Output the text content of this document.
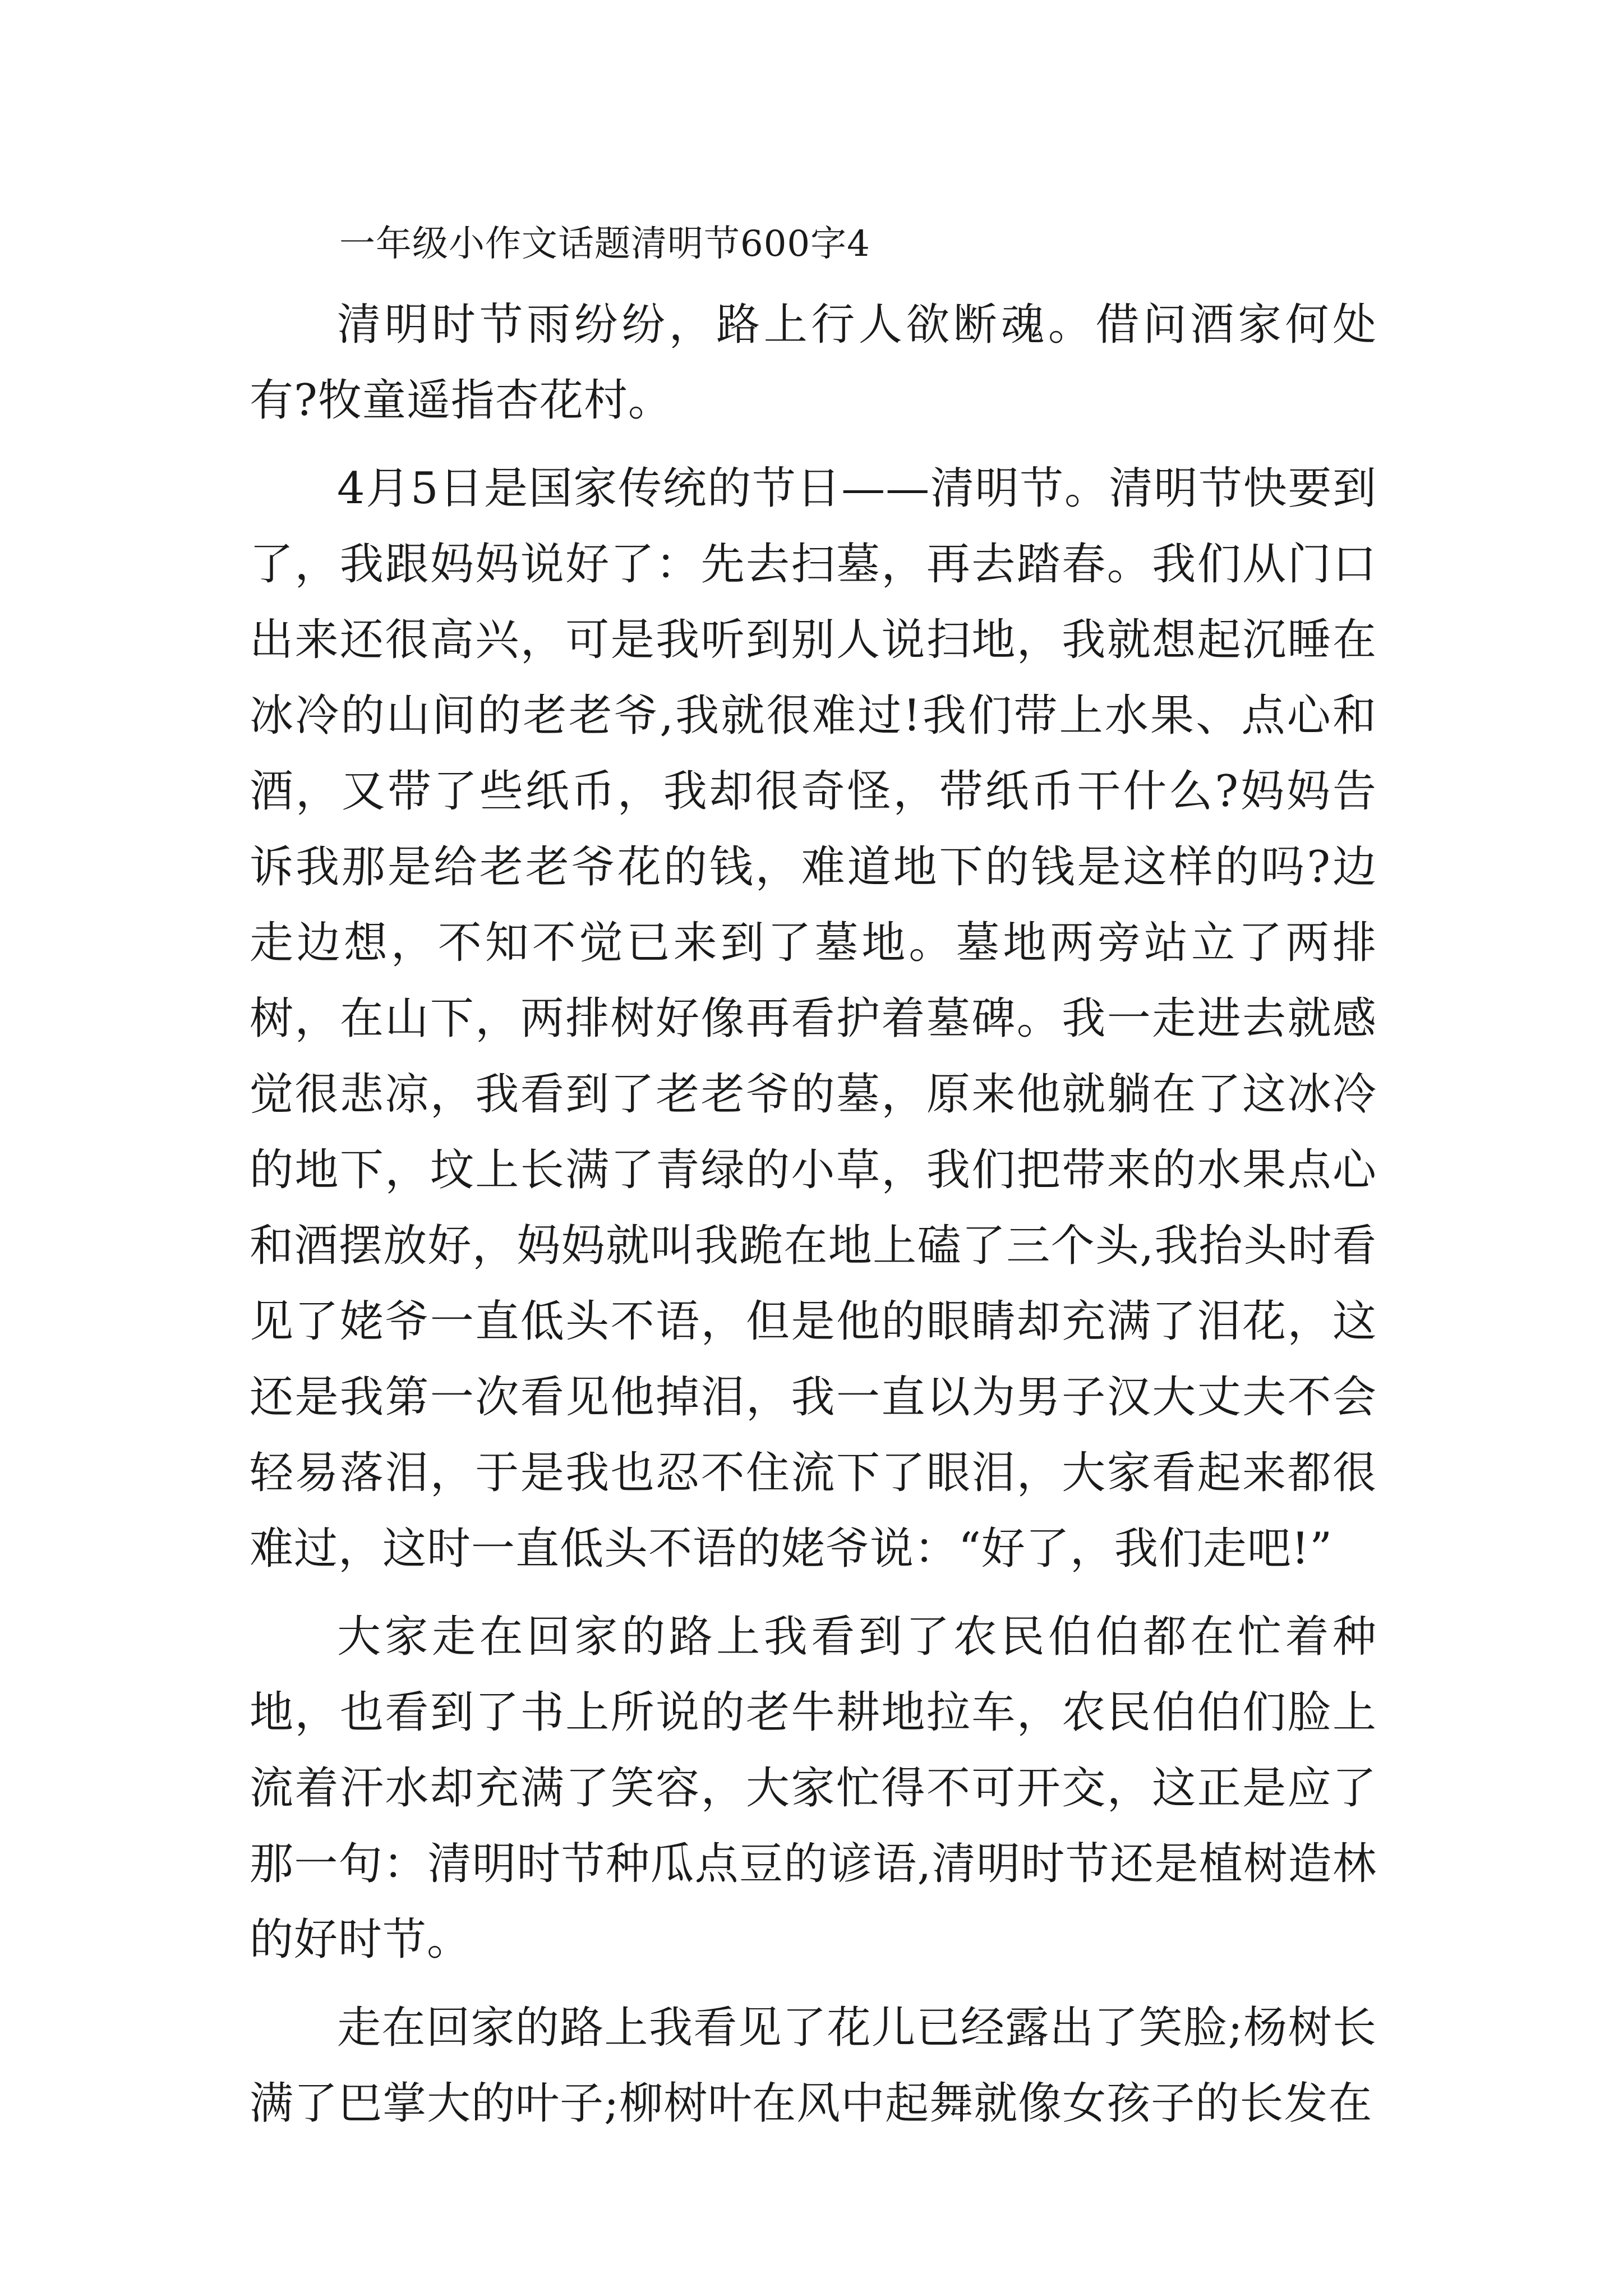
一年级小作文话题清明节600字4

清明时节雨纷纷，路上行人欲断魂。借问酒家何处有?牧童遥指杏花村。

4月5日是国家传统的节日——清明节。清明节快要到了，我跟妈妈说好了：先去扫墓，再去踏春。我们从门口出来还很高兴，可是我听到别人说扫地，我就想起沉睡在冰冷的山间的老老爷,我就很难过!我们带上水果、点心和酒，又带了些纸币，我却很奇怪，带纸币干什么?妈妈告诉我那是给老老爷花的钱，难道地下的钱是这样的吗?边走边想，不知不觉已来到了墓地。墓地两旁站立了两排树，在山下，两排树好像再看护着墓碑。我一走进去就感觉很悲凉，我看到了老老爷的墓，原来他就躺在了这冰冷的地下，坟上长满了青绿的小草，我们把带来的水果点心和酒摆放好，妈妈就叫我跪在地上磕了三个头,我抬头时看见了姥爷一直低头不语，但是他的眼睛却充满了泪花，这还是我第一次看见他掉泪，我一直以为男子汉大丈夫不会轻易落泪，于是我也忍不住流下了眼泪，大家看起来都很难过，这时一直低头不语的姥爷说：“好了，我们走吧!”

大家走在回家的路上我看到了农民伯伯都在忙着种地，也看到了书上所说的老牛耕地拉车，农民伯伯们脸上流着汗水却充满了笑容，大家忙得不可开交，这正是应了那一句：清明时节种瓜点豆的谚语,清明时节还是植树造林的好时节。

走在回家的路上我看见了花儿已经露出了笑脸;杨树长满了巴掌大的叶子;柳树叶在风中起舞就像女孩子的长发在
